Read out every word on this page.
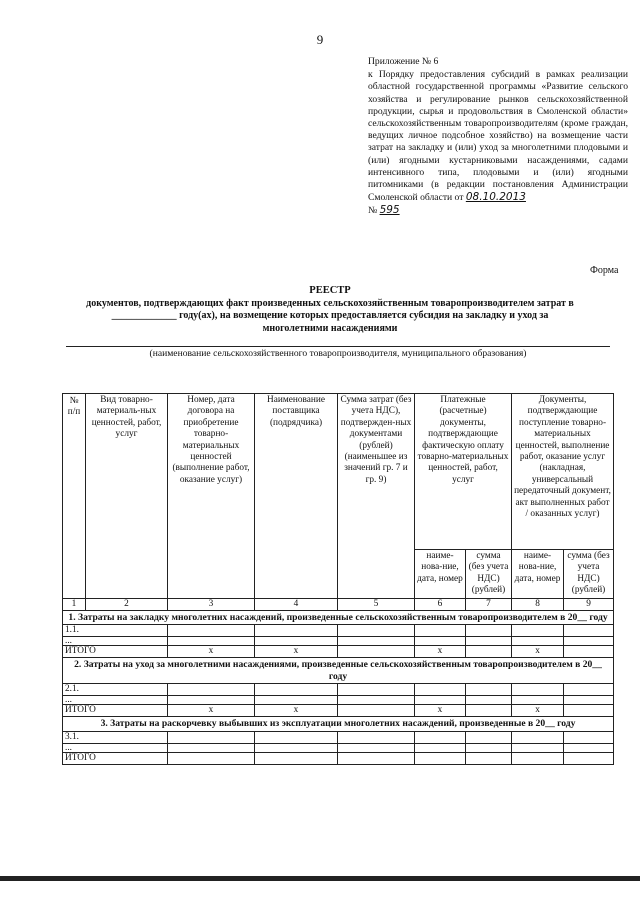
9
Приложение № 6
к Порядку предоставления субсидий в рамках реализации областной государственной программы «Развитие сельского хозяйства и регулирование рынков сельскохозяйственной продукции, сырья и продовольствия в Смоленской области» сельскохозяйственным товаропроизводителям (кроме граждан, ведущих личное подсобное хозяйство) на возмещение части затрат на закладку и (или) уход за многолетними плодовыми и (или) ягодными кустарниковыми насаждениями, садами интенсивного типа, плодовыми и (или) ягодными питомниками (в редакции постановления Администрации Смоленской области от 08.10.2013
№ 595
Форма
РЕЕСТР
документов, подтверждающих факт произведенных сельскохозяйственным товаропроизводителем затрат в
_____________ году(ах), на возмещение которых предоставляется субсидия на закладку и уход за
многолетними насаждениями
(наименование сельскохозяйственного товаропроизводителя, муниципального образования)
№ п/п	Вид товарно-материаль-ных ценностей, работ, услуг	Номер, дата договора на приобретение товарно-материальных ценностей (выполнение работ, оказание услуг)	Наименование поставщика (подрядчика)	Сумма затрат (без учета НДС), подтвержден-ных документами (рублей) (наименьшее из значений гр. 7 и гр. 9)	Платежные (расчетные) документы, подтверждающие фактическую оплату товарно-материальных ценностей, работ, услуг		Документы, подтверждающие поступление товарно-материальных ценностей, выполнение работ, оказание услуг (накладная, универсальный передаточный документ, акт выполненных работ / оказанных услуг)	
					наиме-нова-ние, дата, номер	сумма (без учета НДС) (рублей)	наиме-нова-ние, дата, номер	сумма (без учета НДС) (рублей)
1	2	3	4	5	6	7	8	9
1. Затраты на закладку многолетних насаждений, произведенные сельскохозяйственным товаропроизводителем в 20__ году								
1.1.								
...								
ИТОГО		x	x		x		x	
2. Затраты на уход за многолетними насаждениями, произведенные сельскохозяйственным товаропроизводителем в 20__ году								
2.1.								
...								
ИТОГО		x	x		x		x	
3. Затраты на раскорчевку выбывших из эксплуатации многолетних насаждений, произведенные в 20__ году								
3.1.								
...								
ИТОГО								
